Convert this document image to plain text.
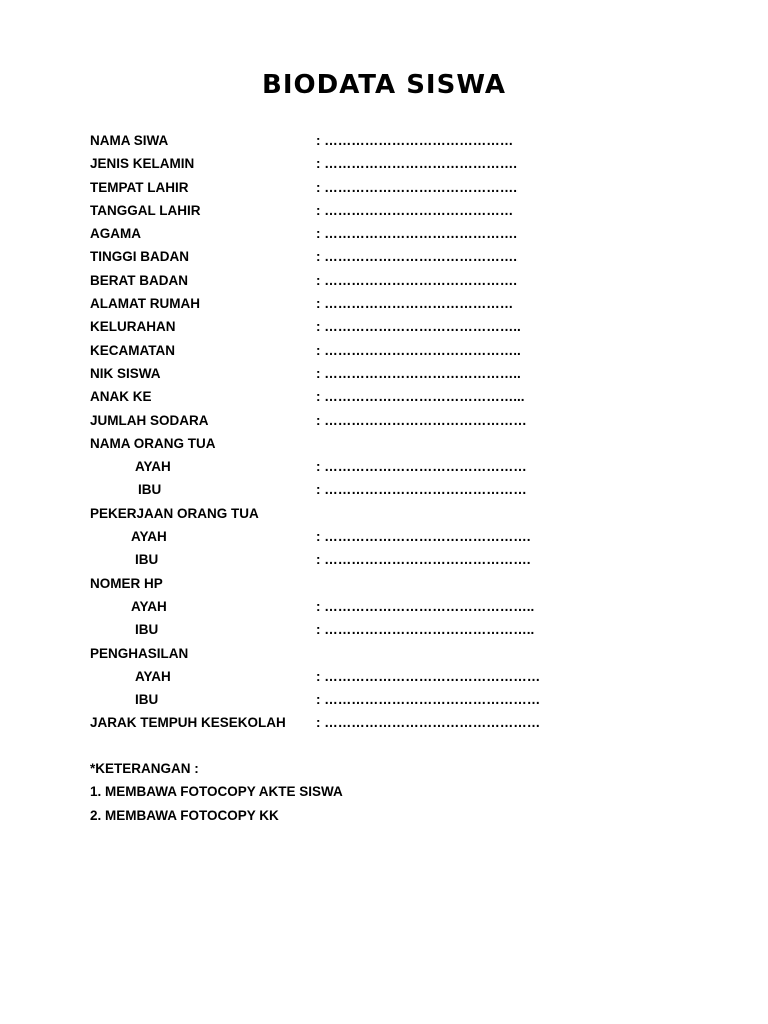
BIODATA SISWA
NAMA SIWA	: ……………………………………
JENIS KELAMIN	: …………………………………….
TEMPAT LAHIR	: …………………………………….
TANGGAL LAHIR	: ……………………………………
AGAMA	: …………………………………….
TINGGI BADAN	: …………………………………….
BERAT BADAN	: …………………………………….
ALAMAT RUMAH	: ……………………………………
KELURAHAN	: ……………………………………..
KECAMATAN	: ……………………………………..
NIK SISWA	: ……………………………………..
ANAK KE	: ……………………………………...
JUMLAH SODARA	: ………………………………………
NAMA ORANG TUA
AYAH	: ………………………………………
IBU	: ………………………………………
PEKERJAAN ORANG TUA
AYAH	: ……………………………………….
IBU	: ……………………………………….
NOMER HP
AYAH	: ………………………………………..
IBU	: ………………………………………..
PENGHASILAN
AYAH	: …………………………………………
IBU	: …………………………………………
JARAK TEMPUH KESEKOLAH : …………………………………………
*KETERANGAN :
1. MEMBAWA FOTOCOPY AKTE SISWA
2. MEMBAWA FOTOCOPY KK
